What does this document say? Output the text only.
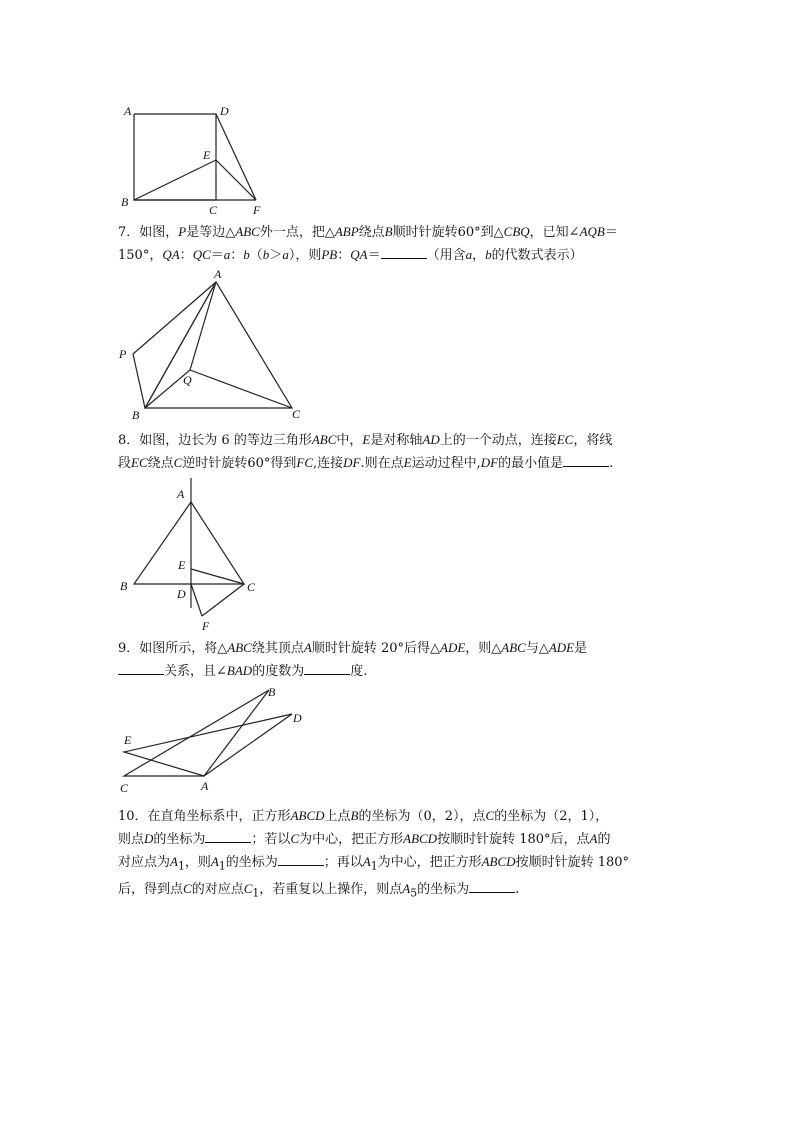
A	D
E
B
C	F

7．如图，P是等边△ABC外一点，把△ABP绕点B顺时针旋转60°到△CBQ，已知∠AQB＝
150°，QA：QC＝a：b（b＞a），则PB：QA＝	（用含a，b的代数式表示）

A
P
Q
B	C

8．如图，边长为 6 的等边三角形ABC中，E是对称轴AD上的一个动点，连接EC，将线
段EC绕点C逆时针旋转60°得到FC,连接DF.则在点E运动过程中,DF的最小值是	.

A
E
B
D	C
F

9．如图所示，将△ABC绕其顶点A顺时针旋转 20°后得△ADE，则△ABC与△ADE是
关系，且∠BAD的度数为	度.

B
D
E
C	A

10．在直角坐标系中，正方形ABCD上点B的坐标为（0，2），点C的坐标为（2，1），
则点D的坐标为	；若以C为中心，把正方形ABCD按顺时针旋转 180°后，点A的
对应点为$A_1$，则$A_1$的坐标为	；再以$A_1$为中心，把正方形ABCD按顺时针旋转 180°
后，得到点C的对应点$C_1$，若重复以上操作，则点$A_5$的坐标为	.
